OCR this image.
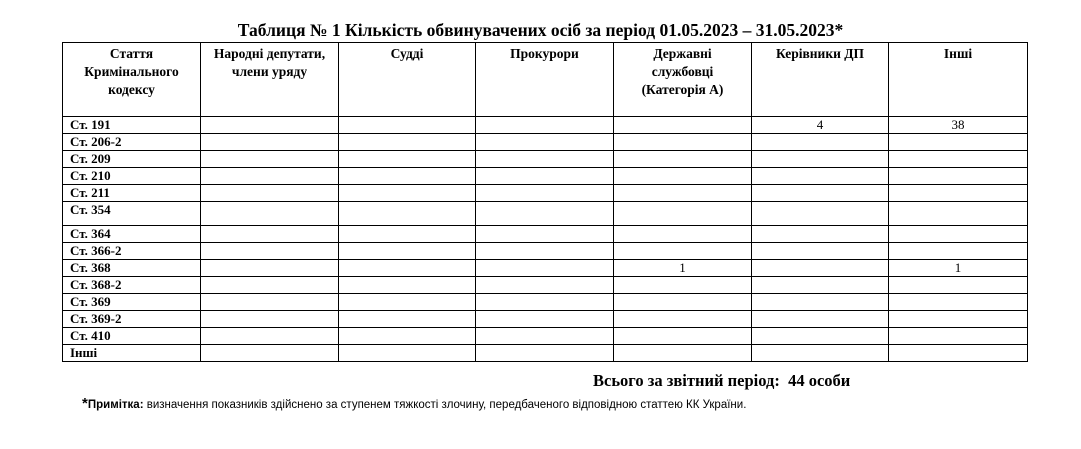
Таблиця № 1 Кількість обвинувачених осіб за період 01.05.2023 – 31.05.2023*
Стаття Кримінального кодексу	Народні депутати, члени уряду	Судді	Прокурори	Державні службовці (Категорія А)	Керівники ДП	Інші
Ст. 191					4	38
Ст. 206-2						
Ст. 209						
Ст. 210						
Ст. 211						
Ст. 354						
Ст. 364						
Ст. 366-2						
Ст. 368				1		1
Ст. 368-2						
Ст. 369						
Ст. 369-2						
Ст. 410						
Інші						
Всього за звітний період: 44 особи
*Примітка: визначення показників здійснено за ступенем тяжкості злочину, передбаченого відповідною статтею КК України.
